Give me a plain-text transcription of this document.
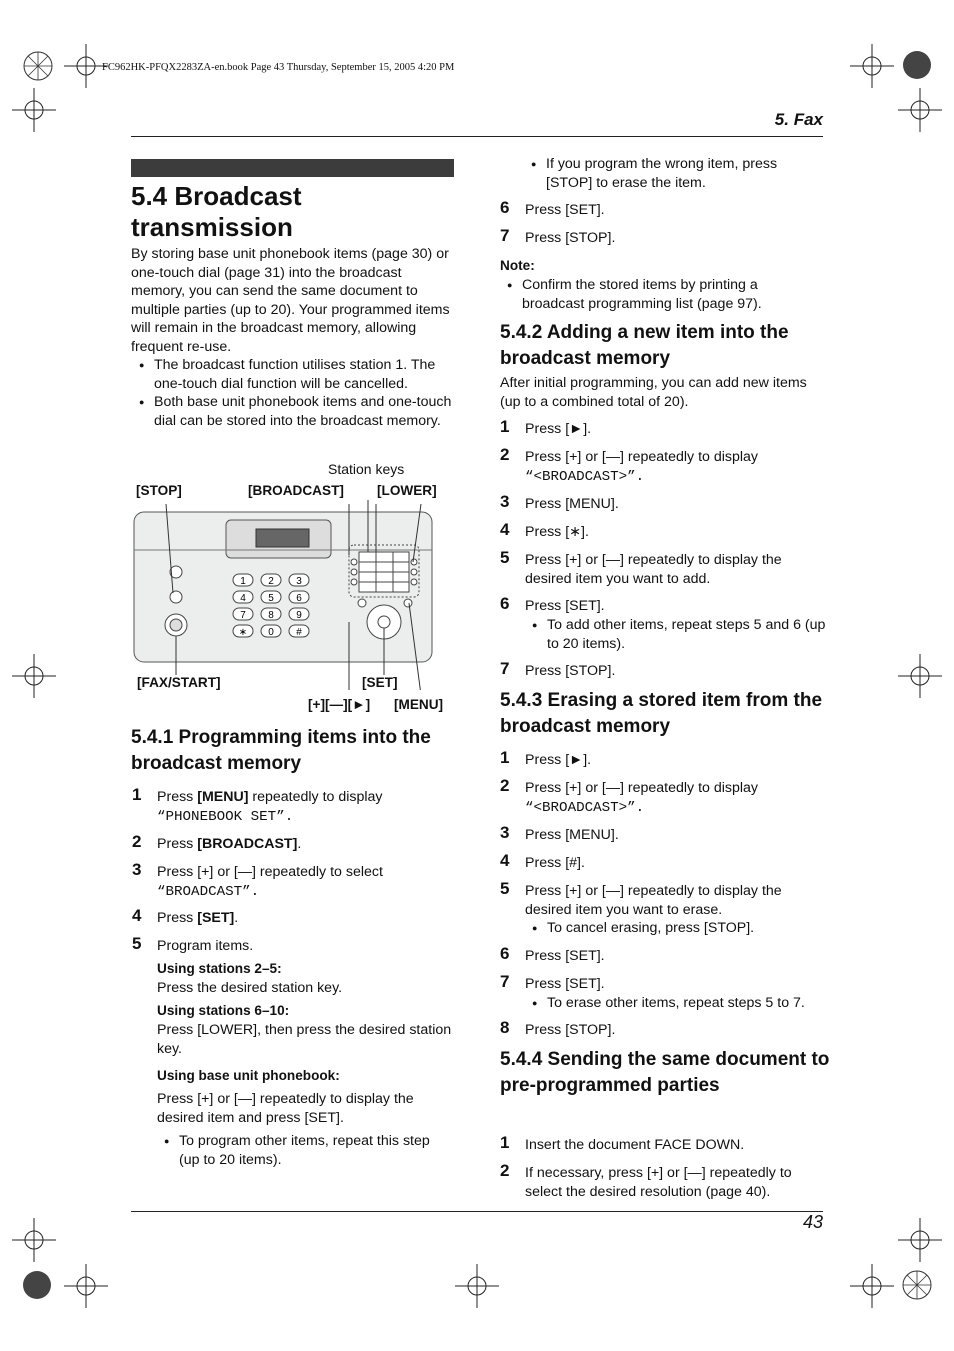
FC962HK-PFQX2283ZA-en.book Page 43 Thursday, September 15, 2005 4:20 PM
5. Fax
5.4 Broadcast transmission
By storing base unit phonebook items (page 30) or one-touch dial (page 31) into the broadcast memory, you can send the same document to multiple parties (up to 20). Your programmed items will remain in the broadcast memory, allowing frequent re-use.
● The broadcast function utilises station 1. The one-touch dial function will be cancelled.
● Both base unit phonebook items and one-touch dial can be stored into the broadcast memory.
Station keys
[STOP]	[BROADCAST] [LOWER]
1 2 3
4 5 6
7 8 9
∗ 0 #
[FAX/START]	[SET]
[+][—][►] [MENU]
5.4.1 Programming items into the broadcast memory
1 Press [MENU] repeatedly to display
“PHONEBOOK SET”.
2 Press [BROADCAST].
3 Press [+] or [—] repeatedly to select
“BROADCAST”.
4 Press [SET].
5 Program items.
Using stations 2–5:
Press the desired station key.
Using stations 6–10:
Press [LOWER], then press the desired station key.
Using base unit phonebook:
Press [+] or [—] repeatedly to display the desired item and press [SET].
● To program other items, repeat this step (up to 20 items).
● If you program the wrong item, press [STOP] to erase the item.
6 Press [SET].
7 Press [STOP].
Note:
● Confirm the stored items by printing a broadcast programming list (page 97).
5.4.2 Adding a new item into the broadcast memory
After initial programming, you can add new items (up to a combined total of 20).
1 Press [►].
2 Press [+] or [—] repeatedly to display
“<BROADCAST>”.
3 Press [MENU].
4 Press [∗].
5 Press [+] or [—] repeatedly to display the desired item you want to add.
6 Press [SET].
● To add other items, repeat steps 5 and 6 (up to 20 items).
7 Press [STOP].
5.4.3 Erasing a stored item from the broadcast memory
1 Press [►].
2 Press [+] or [—] repeatedly to display
“<BROADCAST>”.
3 Press [MENU].
4 Press [#].
5 Press [+] or [—] repeatedly to display the desired item you want to erase.
● To cancel erasing, press [STOP].
6 Press [SET].
7 Press [SET].
● To erase other items, repeat steps 5 to 7.
8 Press [STOP].
5.4.4 Sending the same document to pre-programmed parties
1 Insert the document FACE DOWN.
2 If necessary, press [+] or [—] repeatedly to select the desired resolution (page 40).
43
